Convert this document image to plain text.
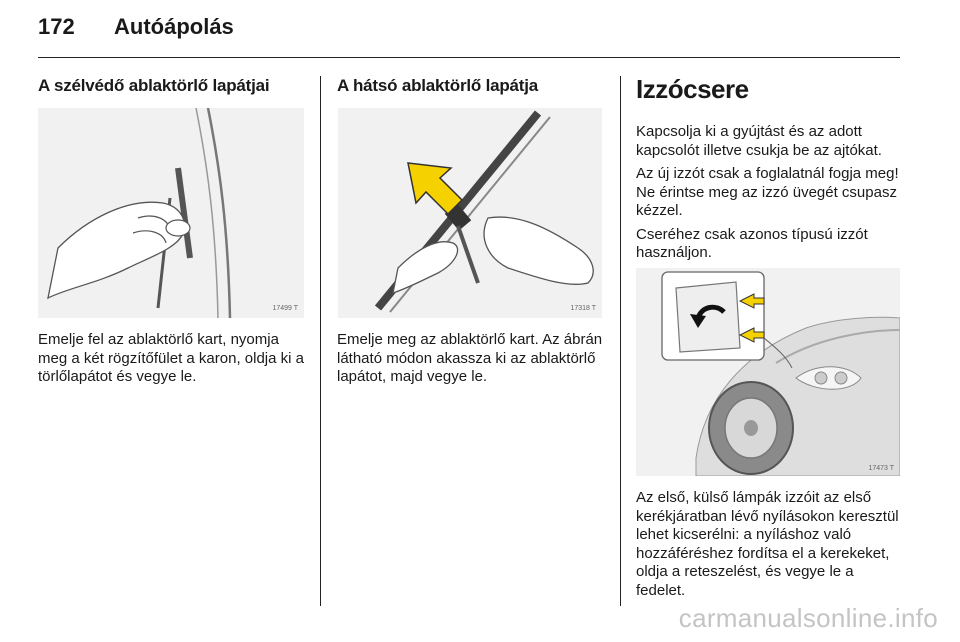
172	Autóápolás
A szélvédő ablaktörlő lapátjai
17499 T
Emelje fel az ablaktörlő kart, nyomja meg a két rögzítőfület a karon, oldja ki a törlőlapátot és vegye le.
A hátsó ablaktörlő lapátja
17318 T
Emelje meg az ablaktörlő kart. Az ábrán látható módon akassza ki az ablaktörlő lapátot, majd vegye le.
Izzócsere
Kapcsolja ki a gyújtást és az adott kapcsolót illetve csukja be az ajtókat.
Az új izzót csak a foglalatnál fogja meg! Ne érintse meg az izzó üvegét csupasz kézzel.
Cseréhez csak azonos típusú izzót használjon.
17473 T
Az első, külső lámpák izzóit az első kerékjáratban lévő nyílásokon keresztül lehet kicserélni: a nyíláshoz való hozzáféréshez fordítsa el a kerekeket, oldja a reteszelést, és vegye le a fedelet.
carmanualsonline.info
